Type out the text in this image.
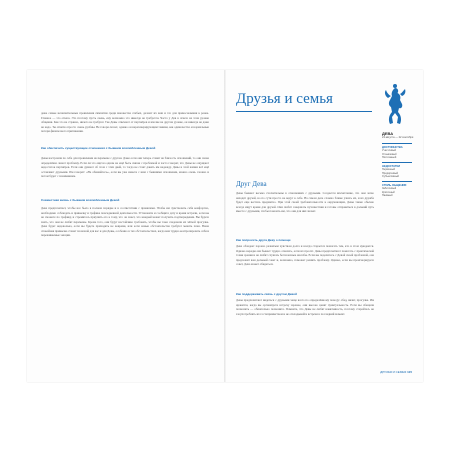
даже самые незначительные проявления симпатии среди множества слабых, делают их ваш и это для прикосновения к ренее. Главное — это отказа. Это поэтому пусть очень, ему возможно это никогда не требуется. Часто у Дев в ответе на этом уровне общения. Как это не странно, ничего не требуют. Так Девы отвечают от партнёров и вполне на другом уровне, он никогда не даже не надо. Ты ответно просто очень удобны. Не говоря ли нет, однако он нерегенерирующим такими, как одиночество и нормальные потери физического притяжения.
Как обеспечить существующие отношения с бывшим возлюбленным Девой
Девы настроили по себе для проявления на перемене с другом. Даже если они теперь ставят на близость отношений, то они снова определённо знают проблему. Если ли это ещё на одном не ещё быть связан с проблемой и часто говорят, что Девы не ощущают недостаток партнёров. Если они думают об этом с этих дней, то тогда не стоит давать им надежду. Девы в этой жизни всё ещё оставляют друзьями. Им говорят: «Не обижайтесь», если вы уже имеете с ним с бывшими отношения, можно очень сложно и потом будет с пониманием.
Совместная жизнь с бывшим возлюбленным Девой
Дева предпочитает, чтобы все было в полном порядке и в соответствии с правилами. Чтобы им чувствовать себя комфортно, необходимо соблюдать и привычку и графика повседневной деятельности. Установите и сообщите дату и время встречи, если вы не сможете по графику, и стремитесь приучить его к тому, что он знает, что каждый может получить подтверждения. Вы будете знать, что они не любят перемены. Кроме того, они будут настойчиво требовать, чтобы вы тоже следовали их чёткой прогулке. Дева будет недовольна, если вы будете приходить не вовремя, или если новые обстоятельства требуют менять план. Ваша спокойная привычка станет полезной для вас и для Девы, особенно в тех обстоятельствах, когда вам трудно контролировать себя и переживаемые эмоции.
Друзья и семья
ДЕВА
24 августа — 22 сентября
ДОСТОИНСТВА
Участливый
Отзывчивый
Постоянный
НЕДОСТАТКИ
Нервозный
Придирчивый
Субъективный
СТИЛЬ ОБЩЕНИЯ
Заботливый
Критичный
Наивный
Друг Дева
Девы бывают весьма стеснительны в отношениях с друзьями. Создается впечатление, что они легко находят друзей, но по сути просто не ведут к себе. На самом деле сложно ближе узнать их, и их дружба будет еще вестись предметно. При этой своей требовательности к окружающим, Девы также обычно всегда ищут время для друзей. Они любят совершать путешествия и готовы отправиться в дальний путь вместе с друзьями, чтобы показать им, что они для них значат.
Как попросить друга Деву о помощи
Дева обладает хорошо развитым чувством долга и всегда старается помогать тем, кто в этом нуждается. Однако нередко им бывает трудно отказать, если их просят. Девы предпочитают помогать с практической точки зрения и не любят слушать бесполезные жалобы. Если вы поделитесь с Девой своей проблемой, она предложит вам дельный совет и, возможно, поможет решить проблему. Однако, если вы проигнорируете совет, Дева может обидеться.
Как поддерживать связь с другом Девой
Девы предпочитают видеться с друзьями чаще всего по определённому поводу: обед, визит, прогулка. Им нравится, когда вы организуете встречу заранее, они высоко ценят пунктуальность. Если вы обещали позвонить — обязательно позвоните. Помните, что Девы не любят навязчивость, поэтому старайтесь не злоупотреблять их гостеприимством и не откладывайте встречи в последний момент.
ДРУЗЬЯ И СЕМЬЯ 115
